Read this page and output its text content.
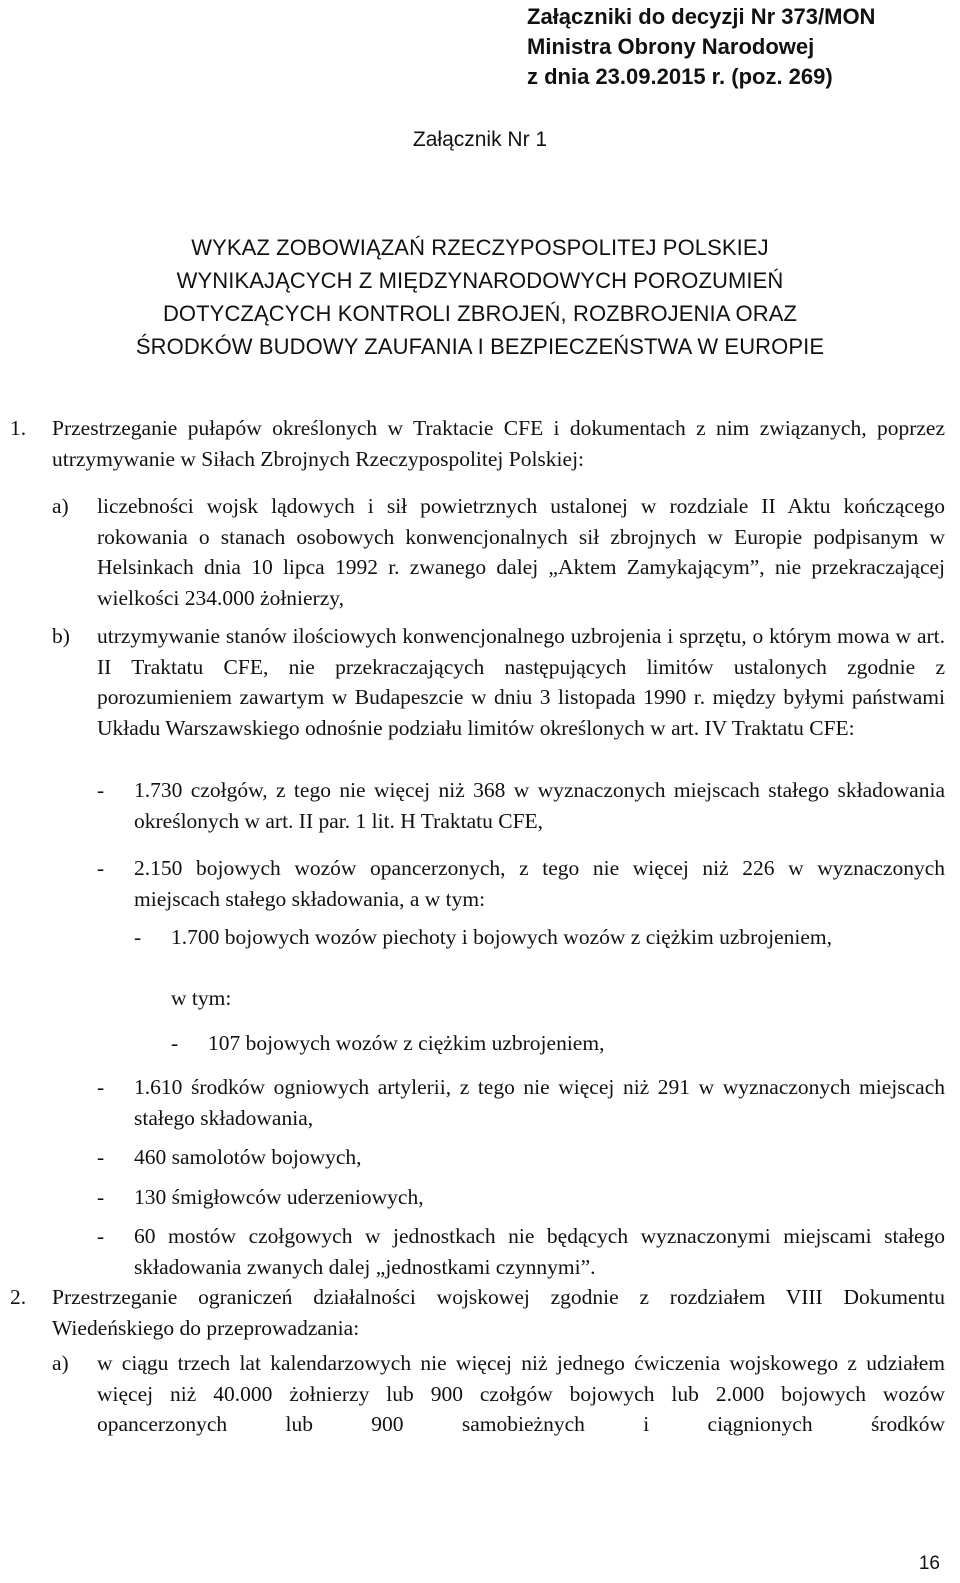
Załączniki do decyzji Nr 373/MON
Ministra Obrony Narodowej
z dnia 23.09.2015 r. (poz. 269)
Załącznik Nr 1
WYKAZ ZOBOWIĄZAŃ RZECZYPOSPOLITEJ POLSKIEJ
WYNIKAJĄCYCH Z MIĘDZYNARODOWYCH POROZUMIEŃ
DOTYCZĄCYCH KONTROLI ZBROJEŃ, ROZBROJENIA ORAZ
ŚRODKÓW BUDOWY ZAUFANIA I BEZPIECZEŃSTWA W EUROPIE
1. Przestrzeganie pułapów określonych w Traktacie CFE i dokumentach z nim związanych, poprzez utrzymywanie w Siłach Zbrojnych Rzeczypospolitej Polskiej:
a) liczebności wojsk lądowych i sił powietrznych ustalonej w rozdziale II Aktu kończącego rokowania o stanach osobowych konwencjonalnych sił zbrojnych w Europie podpisanym w Helsinkach dnia 10 lipca 1992 r. zwanego dalej „Aktem Zamykającym”, nie przekraczającej wielkości 234.000 żołnierzy,
b) utrzymywanie stanów ilościowych konwencjonalnego uzbrojenia i sprzętu, o którym mowa w art. II Traktatu CFE, nie przekraczających następujących limitów ustalonych zgodnie z porozumieniem zawartym w Budapeszcie w dniu 3 listopada 1990 r. między byłymi państwami Układu Warszawskiego odnośnie podziału limitów określonych w art. IV Traktatu CFE:
- 1.730 czołgów, z tego nie więcej niż 368 w wyznaczonych miejscach stałego składowania określonych w art. II par. 1 lit. H Traktatu CFE,
- 2.150 bojowych wozów opancerzonych, z tego nie więcej niż 226 w wyznaczonych miejscach stałego składowania, a w tym:
- 1.700 bojowych wozów piechoty i bojowych wozów z ciężkim uzbrojeniem,
w tym:
- 107 bojowych wozów z ciężkim uzbrojeniem,
- 1.610 środków ogniowych artylerii, z tego nie więcej niż 291 w wyznaczonych miejscach stałego składowania,
- 460 samolotów bojowych,
- 130 śmigłowców uderzeniowych,
- 60 mostów czołgowych w jednostkach nie będących wyznaczonymi miejscami stałego składowania zwanych dalej „jednostkami czynnymi”.
2. Przestrzeganie ograniczeń działalności wojskowej zgodnie z rozdziałem VIII Dokumentu Wiedeńskiego do przeprowadzania:
a) w ciągu trzech lat kalendarzowych nie więcej niż jednego ćwiczenia wojskowego z udziałem więcej niż 40.000 żołnierzy lub 900 czołgów bojowych lub 2.000 bojowych wozów opancerzonych lub 900 samobieżnych i ciągnionych środków
16
